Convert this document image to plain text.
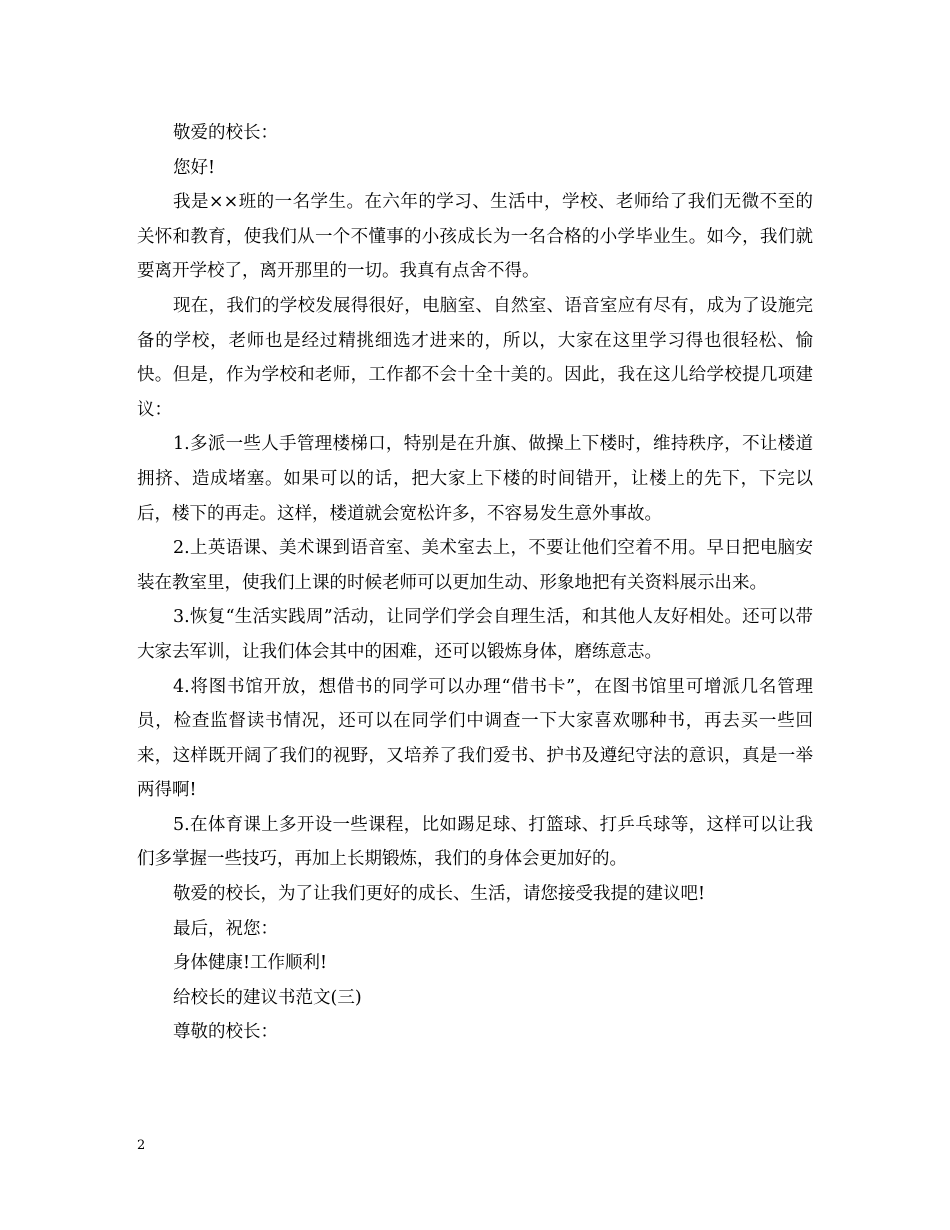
敬爱的校长：

您好!

我是××班的一名学生。在六年的学习、生活中，学校、老师给了我们无微不至的关怀和教育，使我们从一个不懂事的小孩成长为一名合格的小学毕业生。如今，我们就要离开学校了，离开那里的一切。我真有点舍不得。

现在，我们的学校发展得很好，电脑室、自然室、语音室应有尽有，成为了设施完备的学校，老师也是经过精挑细选才进来的，所以，大家在这里学习得也很轻松、愉快。但是，作为学校和老师，工作都不会十全十美的。因此，我在这儿给学校提几项建议：

1.多派一些人手管理楼梯口，特别是在升旗、做操上下楼时，维持秩序，不让楼道拥挤、造成堵塞。如果可以的话，把大家上下楼的时间错开，让楼上的先下，下完以后，楼下的再走。这样，楼道就会宽松许多，不容易发生意外事故。

2.上英语课、美术课到语音室、美术室去上，不要让他们空着不用。早日把电脑安装在教室里，使我们上课的时候老师可以更加生动、形象地把有关资料展示出来。

3.恢复“生活实践周”活动，让同学们学会自理生活，和其他人友好相处。还可以带大家去军训，让我们体会其中的困难，还可以锻炼身体，磨练意志。

4.将图书馆开放，想借书的同学可以办理“借书卡”，在图书馆里可增派几名管理员，检查监督读书情况，还可以在同学们中调查一下大家喜欢哪种书，再去买一些回来，这样既开阔了我们的视野，又培养了我们爱书、护书及遵纪守法的意识，真是一举两得啊!

5.在体育课上多开设一些课程，比如踢足球、打篮球、打乒乓球等，这样可以让我们多掌握一些技巧，再加上长期锻炼，我们的身体会更加好的。

敬爱的校长，为了让我们更好的成长、生活，请您接受我提的建议吧!

最后，祝您：

身体健康!工作顺利!

给校长的建议书范文(三)

尊敬的校长：

2
